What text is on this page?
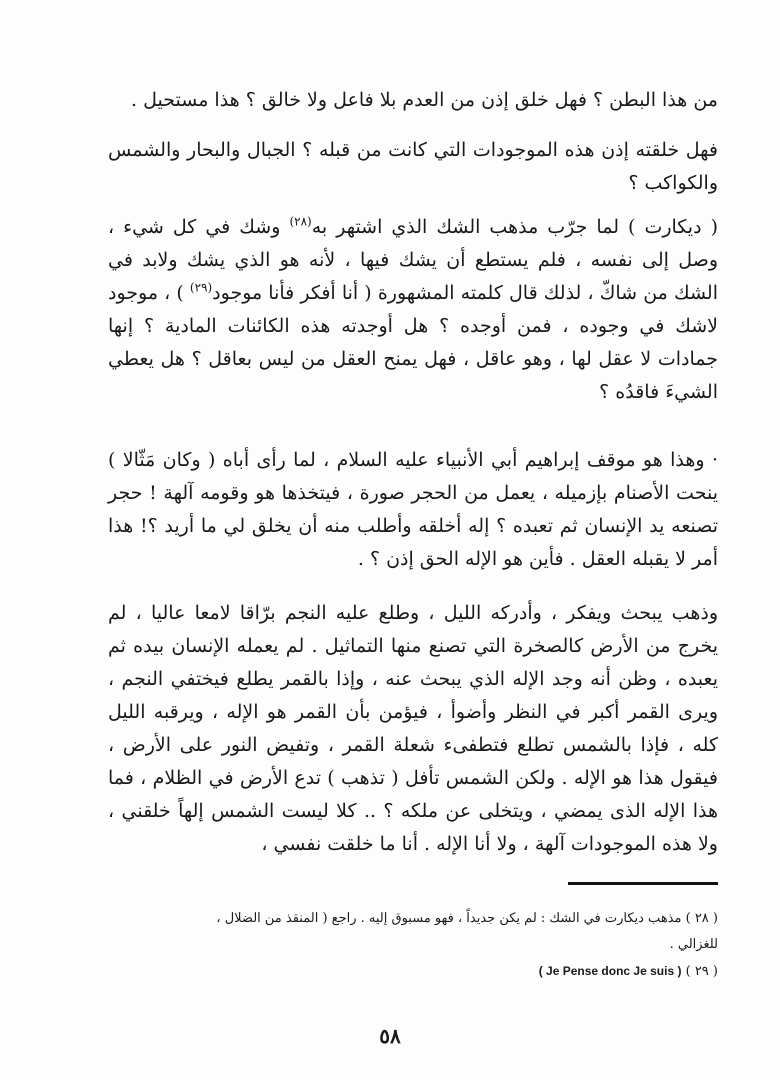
من هذا البطن ؟ فهل خلق إذن من العدم بلا فاعل ولا خالق ؟ هذا مستحيل .

فهل خلقته إذن هذه الموجودات التي كانت من قبله ؟ الجبال والبحار والشمس والكواكب ؟

( ديكارت ) لما جرّب مذهب الشك الذي اشتهر به$^{(٢٨)}$ وشك في كل شيء ، وصل إلى نفسه ، فلم يستطع أن يشك فيها ، لأنه هو الذي يشك ولابد في الشك من شاكّ ، لذلك قال كلمته المشهورة ( أنا أفكر فأنا موجود$^{(٢٩)}$ ) ، موجود لاشك في وجوده ، فمن أوجده ؟ هل أوجدته هذه الكائنات المادية ؟ إنها جمادات لا عقل لها ، وهو عاقل ، فهل يمنح العقل من ليس بعاقل ؟ هل يعطي الشيءَ فاقدُه ؟

· وهذا هو موقف إبراهيم أبي الأنبياء عليه السلام ، لما رأى أباه ( وكان مَثّالا ) ينحت الأصنام بإزميله ، يعمل من الحجر صورة ، فيتخذها هو وقومه آلهة ! حجر تصنعه يد الإنسان ثم تعبده ؟ إله أخلقه وأطلب منه أن يخلق لي ما أريد ؟! هذا أمر لا يقبله العقل . فأين هو الإله الحق إذن ؟ .

وذهب يبحث ويفكر ، وأدركه الليل ، وطلع عليه النجم برّاقا لامعا عاليا ، لم يخرج من الأرض كالصخرة التي تصنع منها التماثيل . لم يعمله الإنسان بيده ثم يعبده ، وظن أنه وجد الإله الذي يبحث عنه ، وإذا بالقمر يطلع فيختفي النجم ، ويرى القمر أكبر في النظر وأضوأ ، فيؤمن بأن القمر هو الإله ، ويرقبه الليل كله ، فإذا بالشمس تطلع فتطفىء شعلة القمر ، وتفيض النور على الأرض ، فيقول هذا هو الإله . ولكن الشمس تأفل ( تذهب ) تدع الأرض في الظلام ، فما هذا الإله الذى يمضي ، ويتخلى عن ملكه ؟ .. كلا ليست الشمس إلهاً خلقني ، ولا هذه الموجودات آلهة ، ولا أنا الإله . أنا ما خلقت نفسي ،

( ٢٨ ) مذهب ديكارت في الشك : لم يكن جديداً ، فهو مسبوق إليه . راجع ( المنقذ من الضلال ،

للغزالي .

( ٢٩ ) ( Je Pense donc Je suis )

٥٨
